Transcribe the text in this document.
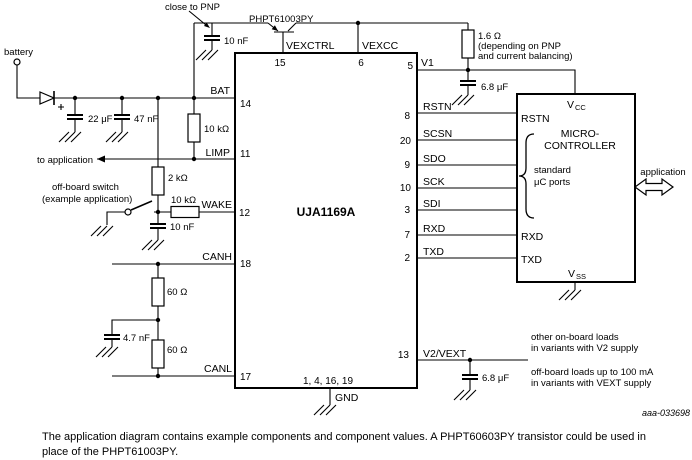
close to PNP
PHPT61003PY
10 nF	1.6 Ω
(depending on PNP
and current balancing)
6.8 μF
VEXCTRL
15
VEXCC
6	V1
5
BAT
14
LIMP 11
WAKE
12
CANH
18
CANL
17
RSTN
8
SCSN
20
SDO
9
SCK
10
SDI
3
RXD
7
TXD
2
V2/VEXT
13
UJA1169A
1, 4, 16, 19
GND
battery
22 μF 47 nF
10 kΩ
to application
off-board switch
(example application)
2 kΩ
10 kΩ
10 nF
60 Ω
60 Ω
4.7 nF
V CC
RSTN
MICRO-
CONTROLLER
standard
μC ports
RXD
TXD
V SS
application
6.8 μF
other on-board loads
in variants with V2 supply
off-board loads up to 100 mA
in variants with VEXT supply
aaa-033698
The application diagram contains example components and component values. A PHPT60603PY transistor could be used in
place of the PHPT61003PY.
